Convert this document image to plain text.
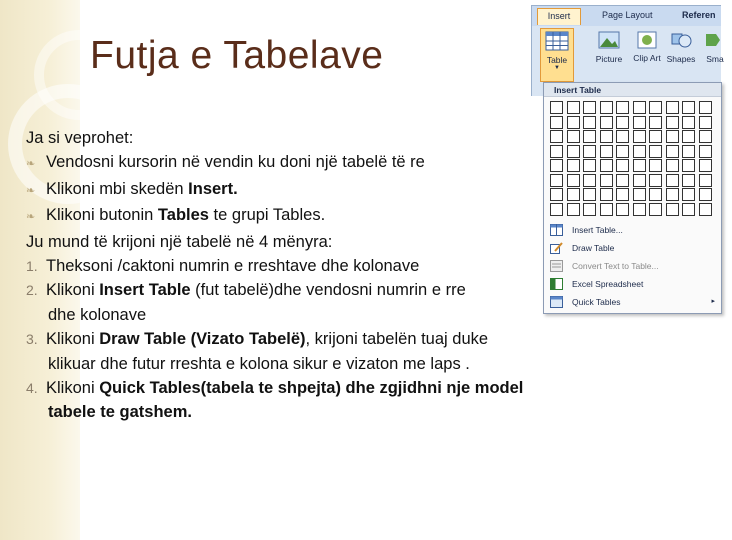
Futja e Tabelave
Ja si veprohet:
❧ Vendosni kursorin në vendin ku doni një tabelë të re
❧ Klikoni mbi skedën Insert.
❧ Klikoni butonin Tables te grupi Tables.
Ju mund të krijoni një tabelë në 4 mënyra:
1. Theksoni /caktoni numrin e rreshtave dhe kolonave
2. Klikoni Insert Table (fut tabelë)dhe vendosni numrin e rre
dhe kolonave
3. Klikoni Draw Table (Vizato Tabelë), krijoni tabelën tuaj duke
klikuar dhe futur rreshta e kolona sikur e vizaton me laps .
4. Klikoni Quick Tables(tabela te shpejta) dhe zgjidhni nje model
tabele te gatshem.
Insert	Page Layout	Referen
Table
▼
Picture	Clip Art Shapes	Sma
Insert Table
Insert Table...
Draw Table
Convert Text to Table...
Excel Spreadsheet
Quick Tables	▸
